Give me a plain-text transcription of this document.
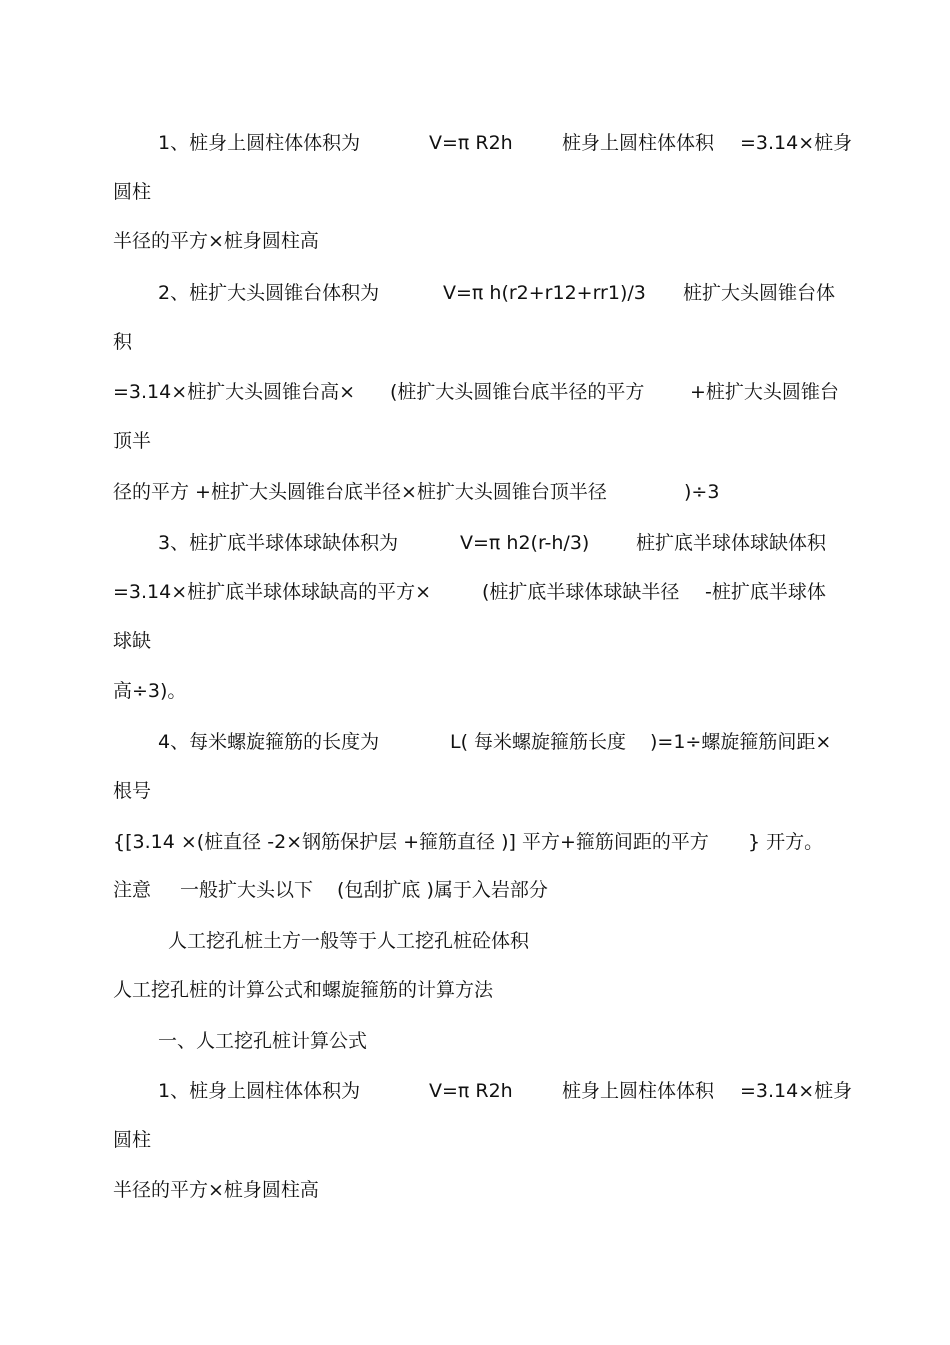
1、桩身上圆柱体体积为	V=π R2h	桩身上圆柱体体积 =3.14×桩身
圆柱
半径的平方×桩身圆柱高
2、桩扩大头圆锥台体积为	V=π h(r2+r12+rr1)/3 桩扩大头圆锥台体
积
=3.14×桩扩大头圆锥台高× (桩扩大头圆锥台底半径的平方 +桩扩大头圆锥台
顶半
径的平方 +桩扩大头圆锥台底半径×桩扩大头圆锥台顶半径	)÷3
3、桩扩底半球体球缺体积为	V=π h2(r-h/3) 桩扩底半球体球缺体积
=3.14×桩扩底半球体球缺高的平方×	(桩扩底半球体球缺半径 -桩扩底半球体
球缺
高÷3)。
4、每米螺旋箍筋的长度为	L( 每米螺旋箍筋长度 )=1÷螺旋箍筋间距×
根号
{[3.14 ×(桩直径 -2×钢筋保护层 +箍筋直径 )] 平方+箍筋间距的平方 } 开方。
注意 一般扩大头以下 (包刮扩底 )属于入岩部分
人工挖孔桩土方一般等于人工挖孔桩砼体积
人工挖孔桩的计算公式和螺旋箍筋的计算方法
一、人工挖孔桩计算公式
1、桩身上圆柱体体积为	V=π R2h	桩身上圆柱体体积 =3.14×桩身
圆柱
半径的平方×桩身圆柱高
